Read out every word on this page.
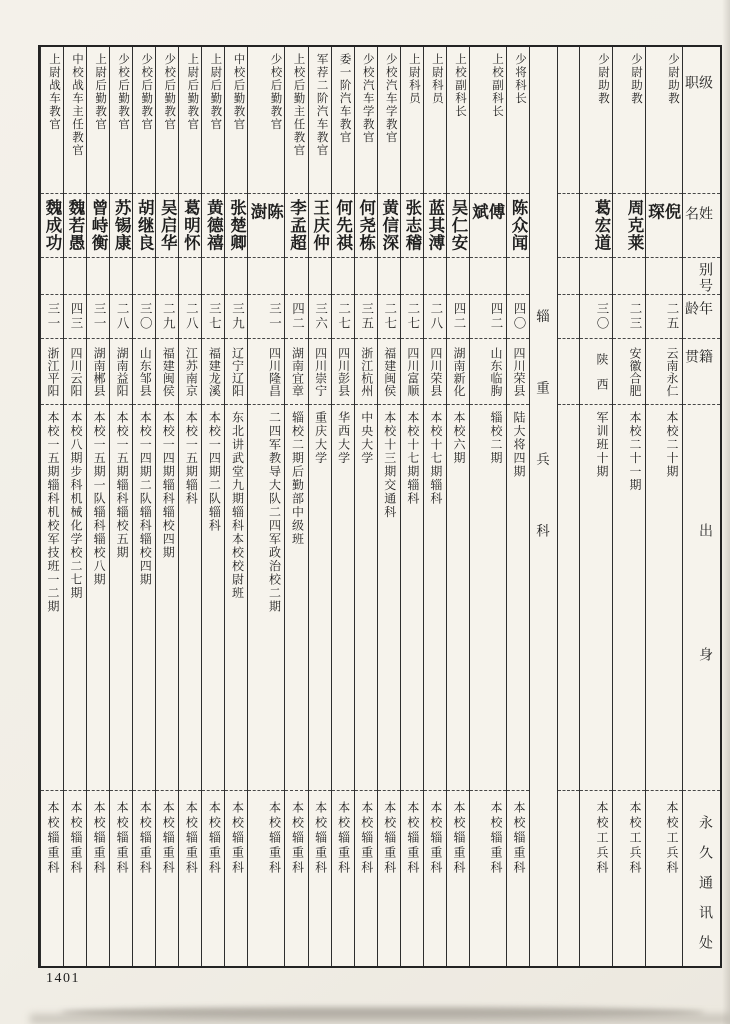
级职
姓名
别号
年龄
籍贯
出身
永久通讯处
少尉助教
倪琛
二五
云南永仁
本校二十期
本校工兵科
少尉助教
周克莱
二三
安徽合肥
本校二十一期
本校工兵科
少尉助教
葛宏道
三〇
陕　西
军训班十期
本校工兵科
辎重兵科
少将科长
陈众闻
四〇
四川荣县
陆大将四期
本校辎重科
上校副科长
傅斌
四二
山东临朐
辎校二期
本校辎重科
上校副科长
吴仁安
四二
湖南新化
本校六期
本校辎重科
上尉科员
蓝其溥
二八
四川荣县
本校十七期辎科
本校辎重科
上尉科员
张志稽
二七
四川富顺
本校十七期辎科
本校辎重科
少校汽车学教官
黄信深
二七
福建闽侯
本校十三期交通科
本校辎重科
少校汽车学教官
何尧栋
三五
浙江杭州
中央大学
本校辎重科
委一阶汽车教官
何先祺
二七
四川彭县
华西大学
本校辎重科
军荐二阶汽车教官
王庆仲
三六
四川崇宁
重庆大学
本校辎重科
上校后勤主任教官
李孟超
四二
湖南宜章
辎校二期后勤部中级班
本校辎重科
少校后勤教官
陈澍
三一
四川隆昌
二四军教导大队二四军政治校二期
本校辎重科
中校后勤教官
张楚卿
三九
辽宁辽阳
东北讲武堂九期辎科本校校尉班
本校辎重科
上尉后勤教官
黄德禧
三七
福建龙溪
本校一四期二队辎科
本校辎重科
上尉后勤教官
葛明怀
二八
江苏南京
本校一五期辎科
本校辎重科
少校后勤教官
吴启华
二九
福建闽侯
本校一四期辎科辎校四期
本校辎重科
少校后勤教官
胡继良
三〇
山东邹县
本校一四期二队辎科辎校四期
本校辎重科
少校后勤教官
苏锡康
二八
湖南益阳
本校一五期辎科辎校五期
本校辎重科
上尉后勤教官
曾峙衡
三一
湖南郴县
本校一五期一队辎科辎校八期
本校辎重科
中校战车主任教官
魏若愚
四三
四川云阳
本校八期步科机械化学校二七期
本校辎重科
上尉战车教官
魏成功
三一
浙江平阳
本校一五期辎科机校军技班一二期
本校辎重科
1401
